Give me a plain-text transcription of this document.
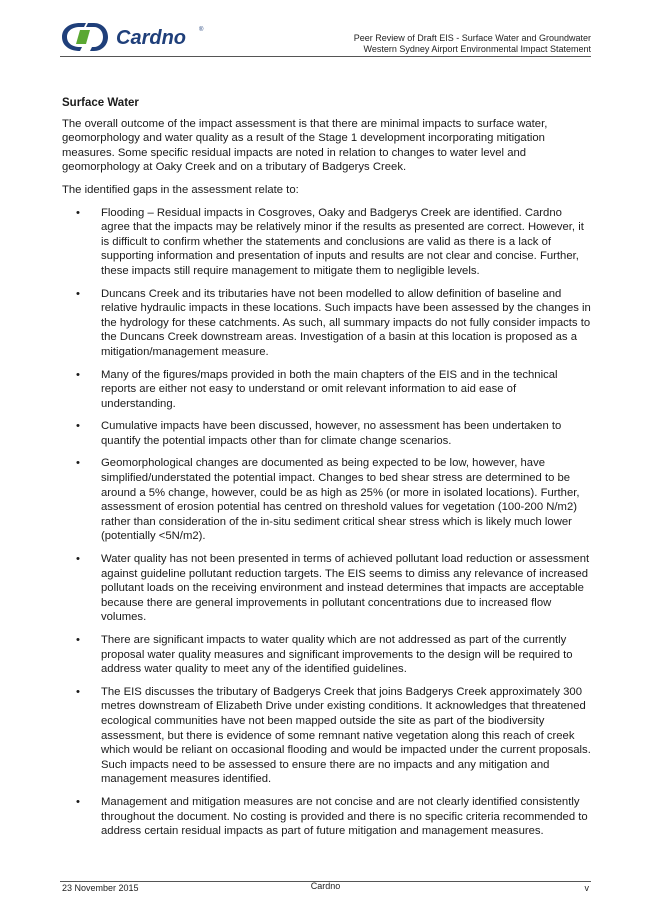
Cardno ®
Peer Review of Draft EIS - Surface Water and Groundwater
Western Sydney Airport Environmental Impact Statement
Surface Water

The overall outcome of the impact assessment is that there are minimal impacts to surface water, geomorphology and water quality as a result of the Stage 1 development incorporating mitigation measures. Some specific residual impacts are noted in relation to changes to water level and geomorphology at Oaky Creek and on a tributary of Badgerys Creek.

The identified gaps in the assessment relate to:

• Flooding – Residual impacts in Cosgroves, Oaky and Badgerys Creek are identified. Cardno agree that the impacts may be relatively minor if the results as presented are correct. However, it is difficult to confirm whether the statements and conclusions are valid as there is a lack of supporting information and presentation of inputs and results are not clear and concise. Further, these impacts still require management to mitigate them to negligible levels.
• Duncans Creek and its tributaries have not been modelled to allow definition of baseline and relative hydraulic impacts in these locations. Such impacts have been assessed by the changes in the hydrology for these catchments. As such, all summary impacts do not fully consider impacts to the Duncans Creek downstream areas. Investigation of a basin at this location is proposed as a mitigation/management measure.
• Many of the figures/maps provided in both the main chapters of the EIS and in the technical reports are either not easy to understand or omit relevant information to aid ease of understanding.
• Cumulative impacts have been discussed, however, no assessment has been undertaken to quantify the potential impacts other than for climate change scenarios.
• Geomorphological changes are documented as being expected to be low, however, have simplified/understated the potential impact. Changes to bed shear stress are determined to be around a 5% change, however, could be as high as 25% (or more in isolated locations). Further, assessment of erosion potential has centred on threshold values for vegetation (100-200 N/m2) rather than consideration of the in-situ sediment critical shear stress which is likely much lower (potentially <5N/m2).
• Water quality has not been presented in terms of achieved pollutant load reduction or assessment against guideline pollutant reduction targets. The EIS seems to dimiss any relevance of increased pollutant loads on the receiving environment and instead determines that impacts are acceptable because there are general improvements in pollutant concentrations due to increased flow volumes.
• There are significant impacts to water quality which are not addressed as part of the currently proposal water quality measures and significant improvements to the design will be required to address water quality to meet any of the identified guidelines.
• The EIS discusses the tributary of Badgerys Creek that joins Badgerys Creek approximately 300 metres downstream of Elizabeth Drive under existing conditions. It acknowledges that threatened ecological communities have not been mapped outside the site as part of the biodiversity assessment, but there is evidence of some remnant native vegetation along this reach of creek which would be reliant on occasional flooding and would be impacted under the current proposals. Such impacts need to be assessed to ensure there are no impacts and any mitigation and management measures identified.
• Management and mitigation measures are not concise and are not clearly identified consistently throughout the document. No costing is provided and there is no specific criteria recommended to address certain residual impacts as part of future mitigation and management measures.
23 November 2015	Cardno	v
